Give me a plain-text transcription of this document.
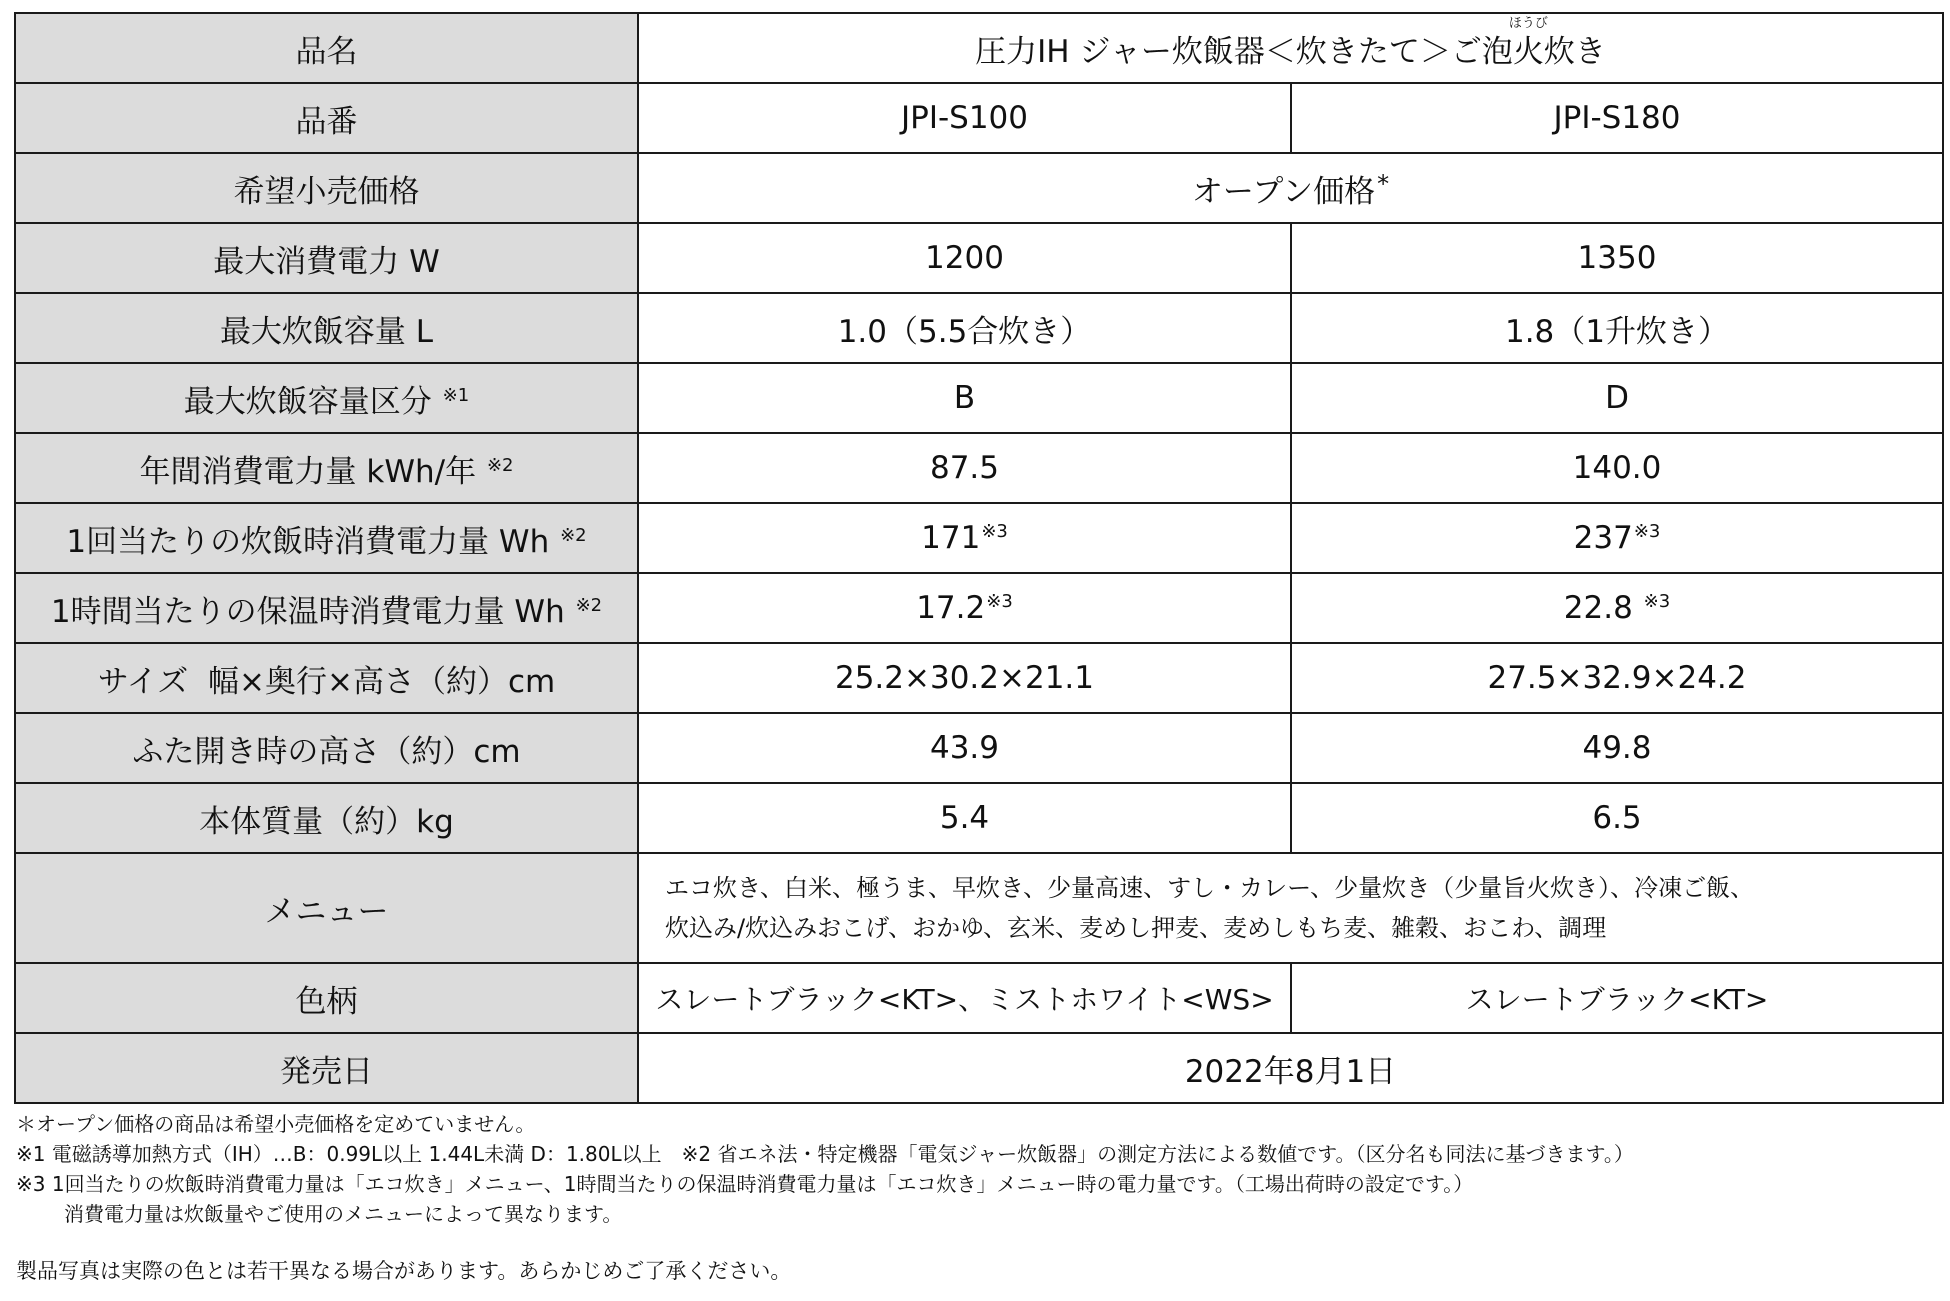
品名	圧力IH ジャー炊飯器＜炊きたて＞ご泡
ほうび
火炊き	
品番	JPI-S100	JPI-S180
希望小売価格	オープン価格*
最大消費電力 W	1200	1350
最大炊飯容量 L	1.0（5.5合炊き）	1.8（1升炊き）
最大炊飯容量区分 $^{※1}$	B	D
年間消費電力量 kWh/年 $^{※2}$	87.5	140.0
1回当たりの炊飯時消費電力量 Wh $^{※2}$	171$^{※3}$	237$^{※3}$
1時間当たりの保温時消費電力量 Wh $^{※2}$	17.2$^{※3}$	22.8 $^{※3}$
サイズ  幅×奥行×高さ（約）cm	25.2×30.2×21.1	27.5×32.9×24.2
ふた開き時の高さ（約）cm	43.9	49.8
本体質量（約）kg	5.4	6.5
メニュー	エコ炊き、白米、極うま、早炊き、少量高速、すし・カレー、少量炊き（少量旨火炊き）、冷凍ご飯、
炊込み/炊込みおこげ、おかゆ、玄米、麦めし押麦、麦めしもち麦、雑穀、おこわ、調理	

色柄	スレートブラック<KT>、ミストホワイト<WS>	スレートブラック<KT>
発売日	2022年8月1日	
＊オープン価格の商品は希望小売価格を定めていません。
※1 電磁誘導加熱方式（IH）…B：0.99L以上 1.44L未満 D：1.80L以上　※2 省エネ法・特定機器「電気ジャー炊飯器」の測定方法による数値です。（区分名も同法に基づきます。）
※3 1回当たりの炊飯時消費電力量は「エコ炊き」メニュー、1時間当たりの保温時消費電力量は「エコ炊き」メニュー時の電力量です。（工場出荷時の設定です。）
消費電力量は炊飯量やご使用のメニューによって異なります。
製品写真は実際の色とは若干異なる場合があります。あらかじめご了承ください。
